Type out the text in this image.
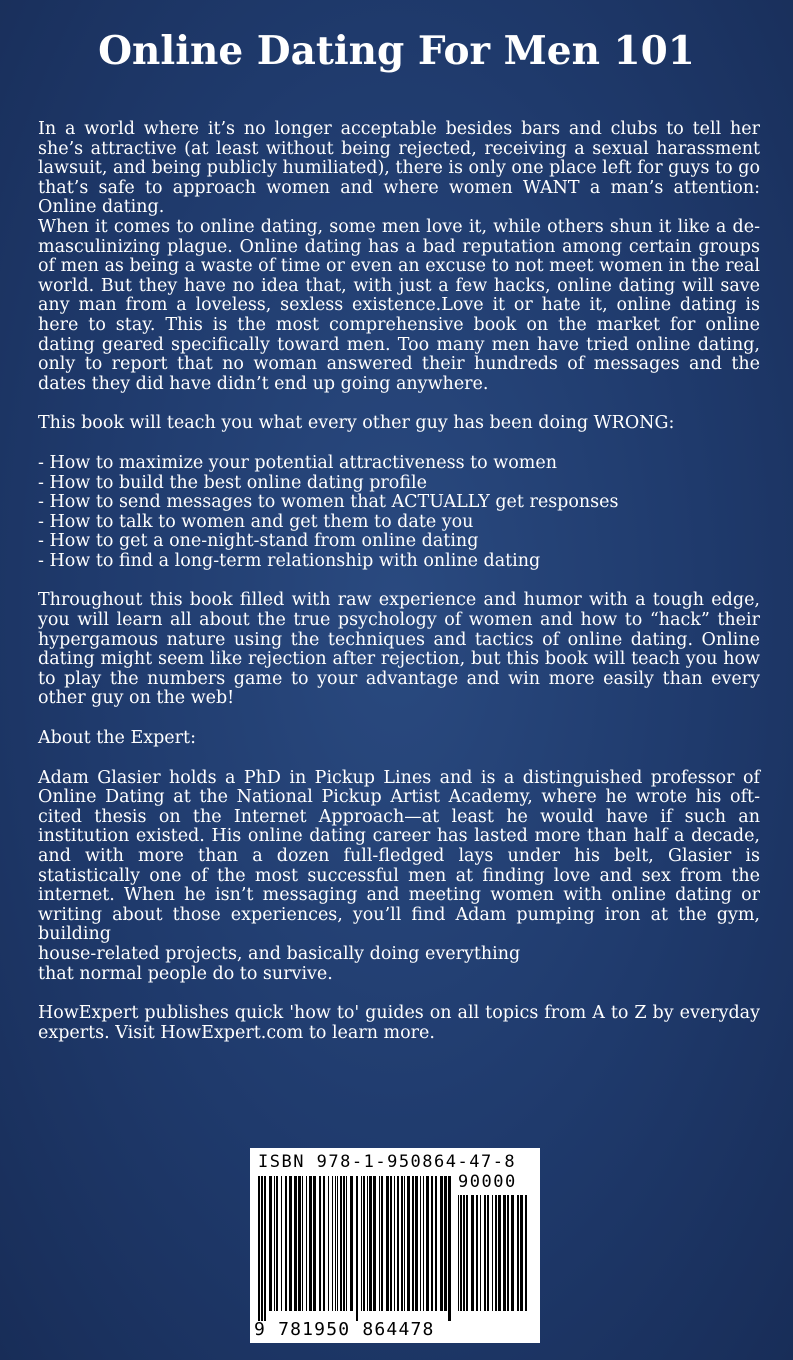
Online Dating For Men 101

In a world where it’s no longer acceptable besides bars and clubs to tell her she’s attractive (at least without being rejected, receiving a sexual harassment lawsuit, and being publicly humiliated), there is only one place left for guys to go that’s safe to approach women and where women WANT a man’s attention: Online dating.

When it comes to online dating, some men love it, while others shun it like a de-masculinizing plague. Online dating has a bad reputation among certain groups of men as being a waste of time or even an excuse to not meet women in the real world. But they have no idea that, with just a few hacks, online dating will save any man from a loveless, sexless existence.Love it or hate it, online dating is here to stay. This is the most comprehensive book on the market for online dating geared specifically toward men. Too many men have tried online dating, only to report that no woman answered their hundreds of messages and the dates they did have didn’t end up going anywhere.

This book will teach you what every other guy has been doing WRONG:

- How to maximize your potential attractiveness to women
- How to build the best online dating profile
- How to send messages to women that ACTUALLY get responses
- How to talk to women and get them to date you
- How to get a one-night-stand from online dating
- How to find a long-term relationship with online dating

Throughout this book filled with raw experience and humor with a tough edge, you will learn all about the true psychology of women and how to “hack” their hypergamous nature using the techniques and tactics of online dating. Online dating might seem like rejection after rejection, but this book will teach you how to play the numbers game to your advantage and win more easily than every other guy on the web!

About the Expert:

Adam Glasier holds a PhD in Pickup Lines and is a distinguished professor of Online Dating at the National Pickup Artist Academy, where he wrote his oft-cited thesis on the Internet Approach—at least he would have if such an institution existed. His online dating career has lasted more than half a decade, and with more than a dozen full-fledged lays under his belt, Glasier is statistically one of the most successful men at finding love and sex from the internet. When he isn’t messaging and meeting women with online dating or writing about those experiences, you’ll find Adam pumping iron at the gym, building

house-related projects, and basically doing everything

that normal people do to survive.

HowExpert publishes quick 'how to' guides on all topics from A to Z by everyday experts. Visit HowExpert.com to learn more.

ISBN 978-1-950864-47-8
90000
9 781950 864478
